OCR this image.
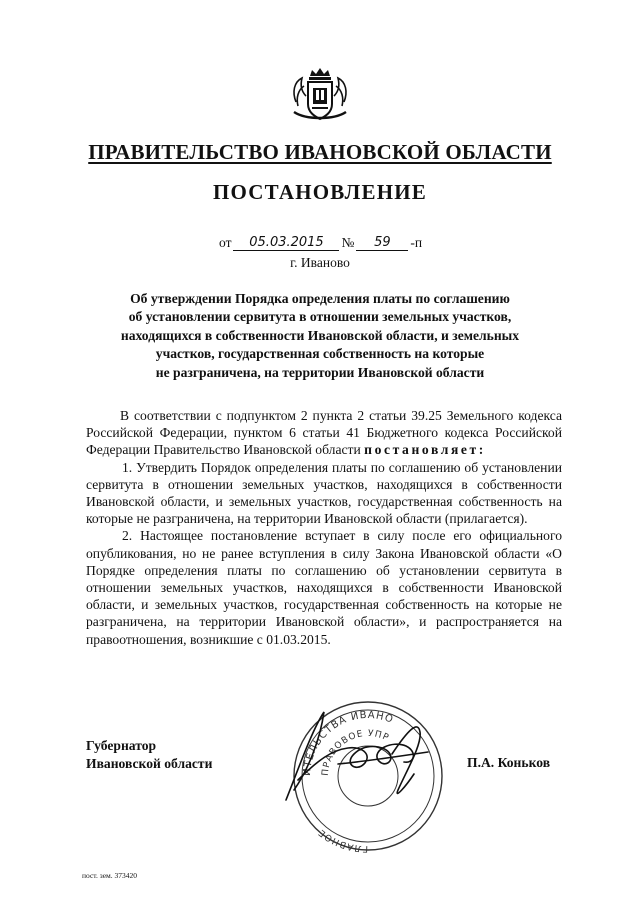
ПРАВИТЕЛЬСТВО ИВАНОВСКОЙ ОБЛАСТИ
ПОСТАНОВЛЕНИЕ
от	05.03.2015	№	59	-п
г. Иваново
Об утверждении Порядка определения платы по соглашению
об установлении сервитута в отношении земельных участков,
находящихся в собственности Ивановской области, и земельных
участков, государственная собственность на которые
не разграничена, на территории Ивановской области

В соответствии с подпунктом 2 пункта 2 статьи 39.25 Земельного кодекса Российской Федерации, пунктом 6 статьи 41 Бюджетного кодекса Российской Федерации Правительство Ивановской области постановляет:

1. Утвердить Порядок определения платы по соглашению об установлении сервитута в отношении земельных участков, находящихся в собственности Ивановской области, и земельных участков, государственная собственность на которые не разграничена, на территории Ивановской области (прилагается).

2. Настоящее постановление вступает в силу после его официального опубликования, но не ранее вступления в силу Закона Ивановской области «О Порядке определения платы по соглашению об установлении сервитута в отношении земельных участков, находящихся в собственности Ивановской области, и земельных участков, государственная собственность на которые не разграничена, на территории Ивановской области», и распространяется на правоотношения, возникшие с 01.03.2015.

ИТЕЛЬСТВА ИВАНО
ПРАВОВОЕ УПР
ГЛАВНОЕ
Губернатор
Ивановской области	П.А. Коньков
пост. зем. 373420
